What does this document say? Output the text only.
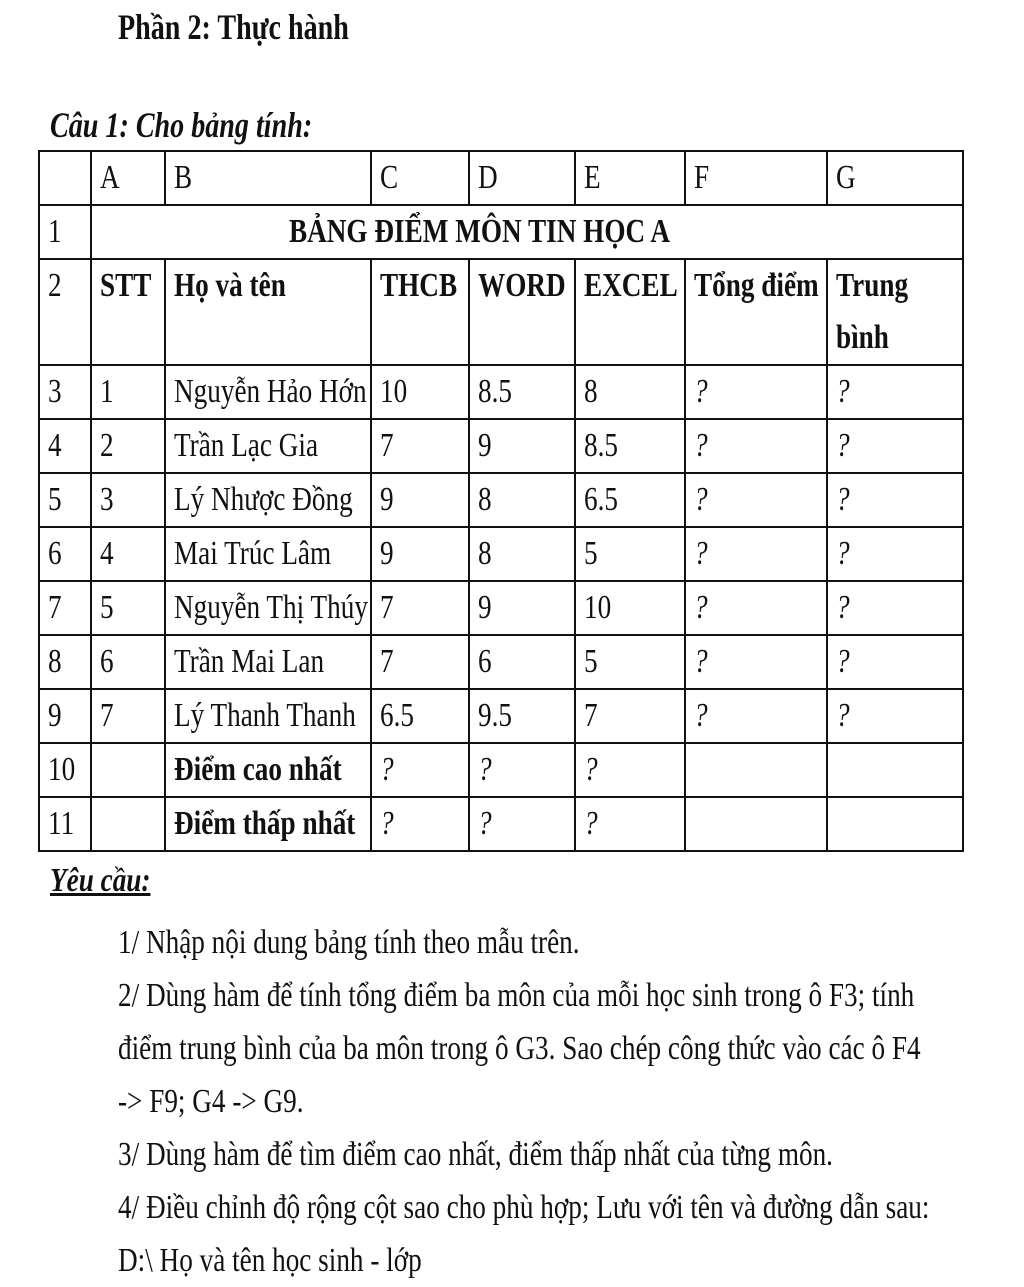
Phần 2: Thực hành
Câu 1: Cho bảng tính:
	A	B	C	D	E	F	G
1	BẢNG ĐIỂM MÔN TIN HỌC A						
2	STT	Họ và tên	THCB	WORD	EXCEL	Tổng điểm	Trung
bình
3	1	Nguyễn Hảo Hớn	10	8.5	8	?	?
4	2	Trần Lạc Gia	7	9	8.5	?	?
5	3	Lý Nhược Đồng	9	8	6.5	?	?
6	4	Mai Trúc Lâm	9	8	5	?	?
7	5	Nguyễn Thị Thúy	7	9	10	?	?
8	6	Trần Mai Lan	7	6	5	?	?
9	7	Lý Thanh Thanh	6.5	9.5	7	?	?
10		Điểm cao nhất	?	?	?		
11		Điểm thấp nhất	?	?	?		
Yêu cầu:
1/ Nhập nội dung bảng tính theo mẫu trên.
2/ Dùng hàm để tính tổng điểm ba môn của mỗi học sinh trong ô F3; tính điểm trung bình của ba môn trong ô G3. Sao chép công thức vào các ô F4 -> F9; G4 -> G9.
3/ Dùng hàm để tìm điểm cao nhất, điểm thấp nhất của từng môn.
4/ Điều chỉnh độ rộng cột sao cho phù hợp; Lưu với tên và đường dẫn sau: D:\ Họ và tên học sinh - lớp
